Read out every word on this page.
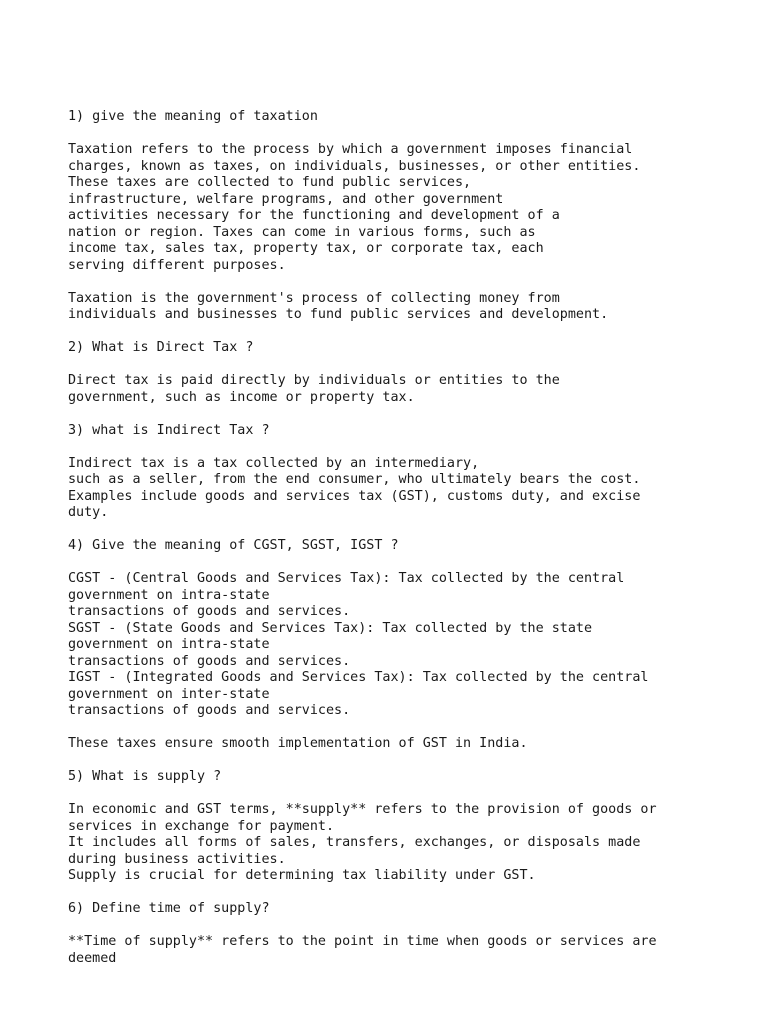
1) give the meaning of taxation
Taxation refers to the process by which a government imposes financial
charges, known as taxes, on individuals, businesses, or other entities.
These taxes are collected to fund public services,
infrastructure, welfare programs, and other government
activities necessary for the functioning and development of a
nation or region. Taxes can come in various forms, such as
income tax, sales tax, property tax, or corporate tax, each
serving different purposes.
Taxation is the government's process of collecting money from
individuals and businesses to fund public services and development.
2) What is Direct Tax ?
Direct tax is paid directly by individuals or entities to the
government, such as income or property tax.
3) what is Indirect Tax ?
Indirect tax is a tax collected by an intermediary,
such as a seller, from the end consumer, who ultimately bears the cost.
Examples include goods and services tax (GST), customs duty, and excise
duty.
4) Give the meaning of CGST, SGST, IGST ?
CGST - (Central Goods and Services Tax): Tax collected by the central
government on intra-state
transactions of goods and services.
SGST - (State Goods and Services Tax): Tax collected by the state
government on intra-state
transactions of goods and services.
IGST - (Integrated Goods and Services Tax): Tax collected by the central
government on inter-state
transactions of goods and services.
These taxes ensure smooth implementation of GST in India.
5) What is supply ?
In economic and GST terms, **supply** refers to the provision of goods or
services in exchange for payment.
It includes all forms of sales, transfers, exchanges, or disposals made
during business activities.
Supply is crucial for determining tax liability under GST.
6) Define time of supply?
**Time of supply** refers to the point in time when goods or services are
deemed
